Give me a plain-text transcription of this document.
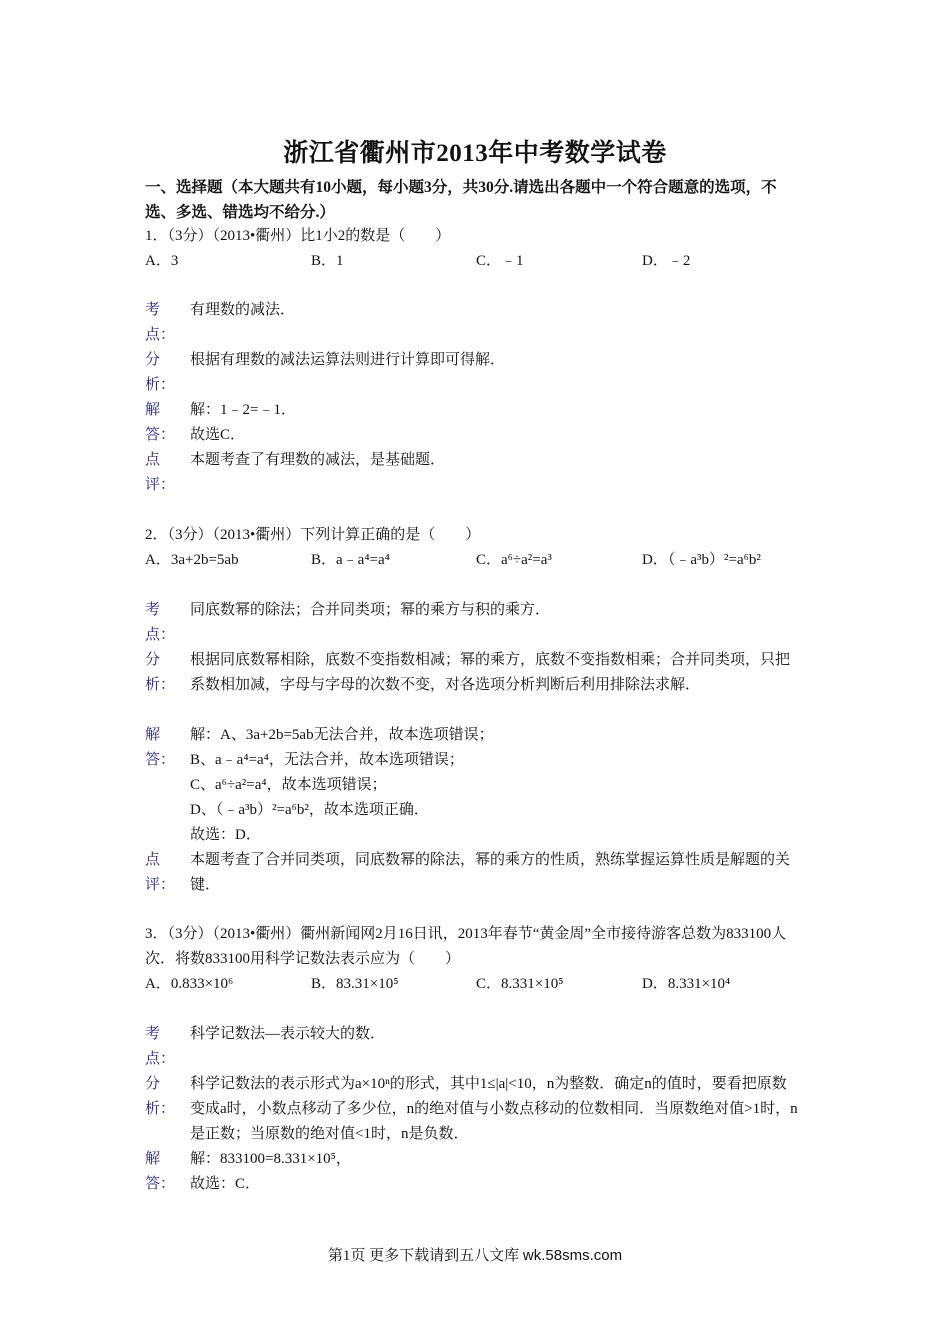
浙江省衢州市2013年中考数学试卷
一、选择题（本大题共有10小题，每小题3分，共30分.请选出各题中一个符合题意的选项，不选、多选、错选均不给分.）
1．（3分）（2013•衢州）比1小2的数是（　　）
A．3	B．1	C．﹣1	D．﹣2
考
点：
有理数的减法．
分
析：
根据有理数的减法运算法则进行计算即可得解．
解
答：
解：1﹣2=﹣1．
故选C．
点
评：
本题考查了有理数的减法，是基础题．
2．（3分）（2013•衢州）下列计算正确的是（　　）
A．3a+2b=5ab	B．a﹣a⁴=a⁴	C．a⁶÷a²=a³	D．（﹣a³b）²=a⁶b²
考
点：
同底数幂的除法；合并同类项；幂的乘方与积的乘方．
分
析：
根据同底数幂相除，底数不变指数相减；幂的乘方，底数不变指数相乘；合并同类项，只把系数相加减，字母与字母的次数不变，对各选项分析判断后利用排除法求解．
解
答：
解：A、3a+2b=5ab无法合并，故本选项错误；
B、a﹣a⁴=a⁴，无法合并，故本选项错误；
C、a⁶÷a²=a⁴，故本选项错误；
D、（﹣a³b）²=a⁶b²，故本选项正确．
故选：D．
点
评：
本题考查了合并同类项，同底数幂的除法，幂的乘方的性质，熟练掌握运算性质是解题的关键．
3．（3分）（2013•衢州）衢州新闻网2月16日讯，2013年春节“黄金周”全市接待游客总数为833100人次．将数833100用科学记数法表示应为（　　）
A．0.833×10⁶	B．83.31×10⁵	C．8.331×10⁵	D．8.331×10⁴
考
点：
科学记数法—表示较大的数．
分
析：
科学记数法的表示形式为a×10ⁿ的形式，其中1≤|a|<10，n为整数．确定n的值时，要看把原数变成a时，小数点移动了多少位，n的绝对值与小数点移动的位数相同．当原数绝对值>1时，n是正数；当原数的绝对值<1时，n是负数．
解
答：
解：833100=8.331×10⁵，
故选：C．
第1页 更多下载请到五八文库 wk.58sms.com
